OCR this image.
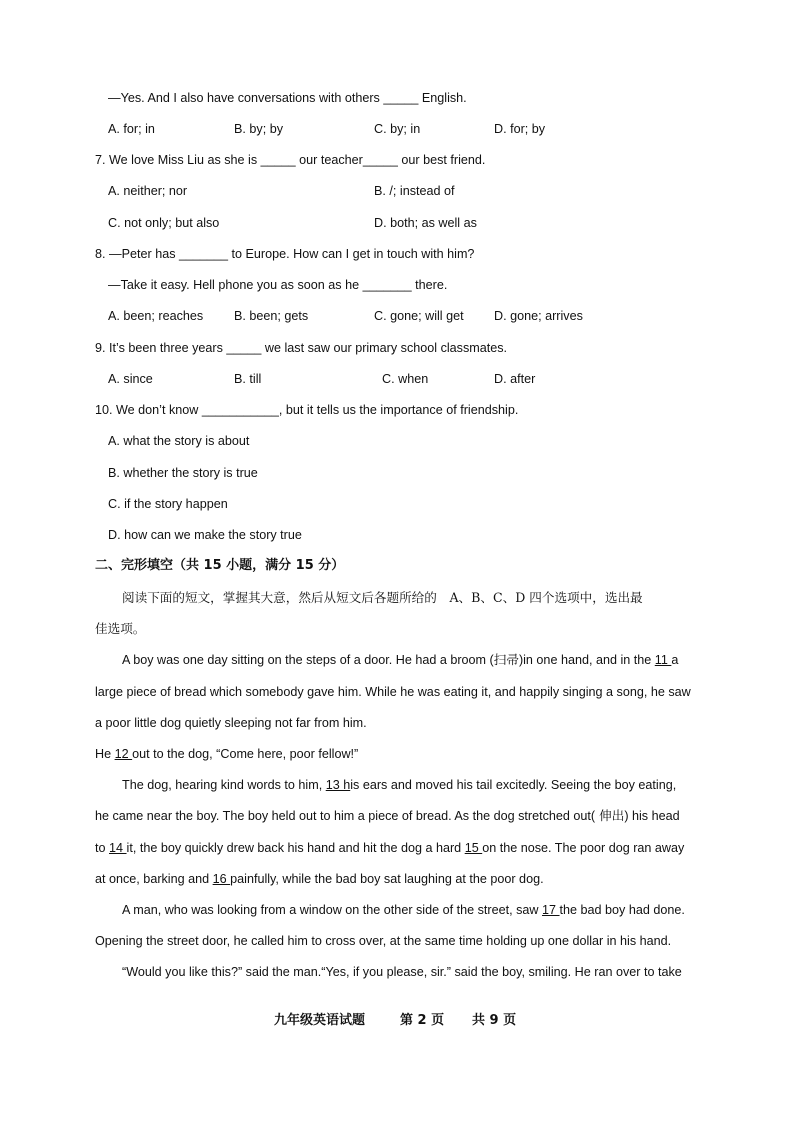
—Yes. And I also have conversations with others _____ English.
A. for; in	B. by; by	C. by; in	D. for; by
7. We love Miss Liu as she is _____ our teacher_____ our best friend.
A. neither; nor	B. /; instead of
C. not only; but also	D. both; as well as
8. —Peter has _______ to Europe. How can I get in touch with him?
—Take it easy. Hell phone you as soon as he _______ there.
A. been; reaches B. been; gets	C. gone; will get D. gone; arrives
9. It’s been three years _____ we last saw our primary school classmates.
A. since	B. till	C. when	D. after
10. We don’t know ___________, but it tells us the importance of friendship.
A. what the story is about
B. whether the story is true
C. if the story happen
D. how can we make the story true
二、完形填空（共 15 小题，满分 15 分）
阅读下面的短文，掌握其大意，然后从短文后各题所给的　A、B、C、D 四个选项中，选出最
佳选项。
A boy was one day sitting on the steps of a door. He had a broom (扫帚)in one hand, and in the 11 a
large piece of bread which somebody gave him. While he was eating it, and happily singing a song, he saw
a poor little dog quietly sleeping not far from him.
He 12 out to the dog, “Come here, poor fellow!”
The dog, hearing kind words to him, 13 his ears and moved his tail excitedly. Seeing the boy eating,
he came near the boy. The boy held out to him a piece of bread. As the dog stretched out( 伸出) his head
to 14 it, the boy quickly drew back his hand and hit the dog a hard 15 on the nose. The poor dog ran away
at once, barking and 16 painfully, while the bad boy sat laughing at the poor dog.
A man, who was looking from a window on the other side of the street, saw 17 the bad boy had done.
Opening the street door, he called him to cross over, at the same time holding up one dollar in his hand.
“Would you like this?” said the man.“Yes, if you please, sir.” said the boy, smiling. He ran over to take
九年级英语试题	第 2 页 共 9 页
